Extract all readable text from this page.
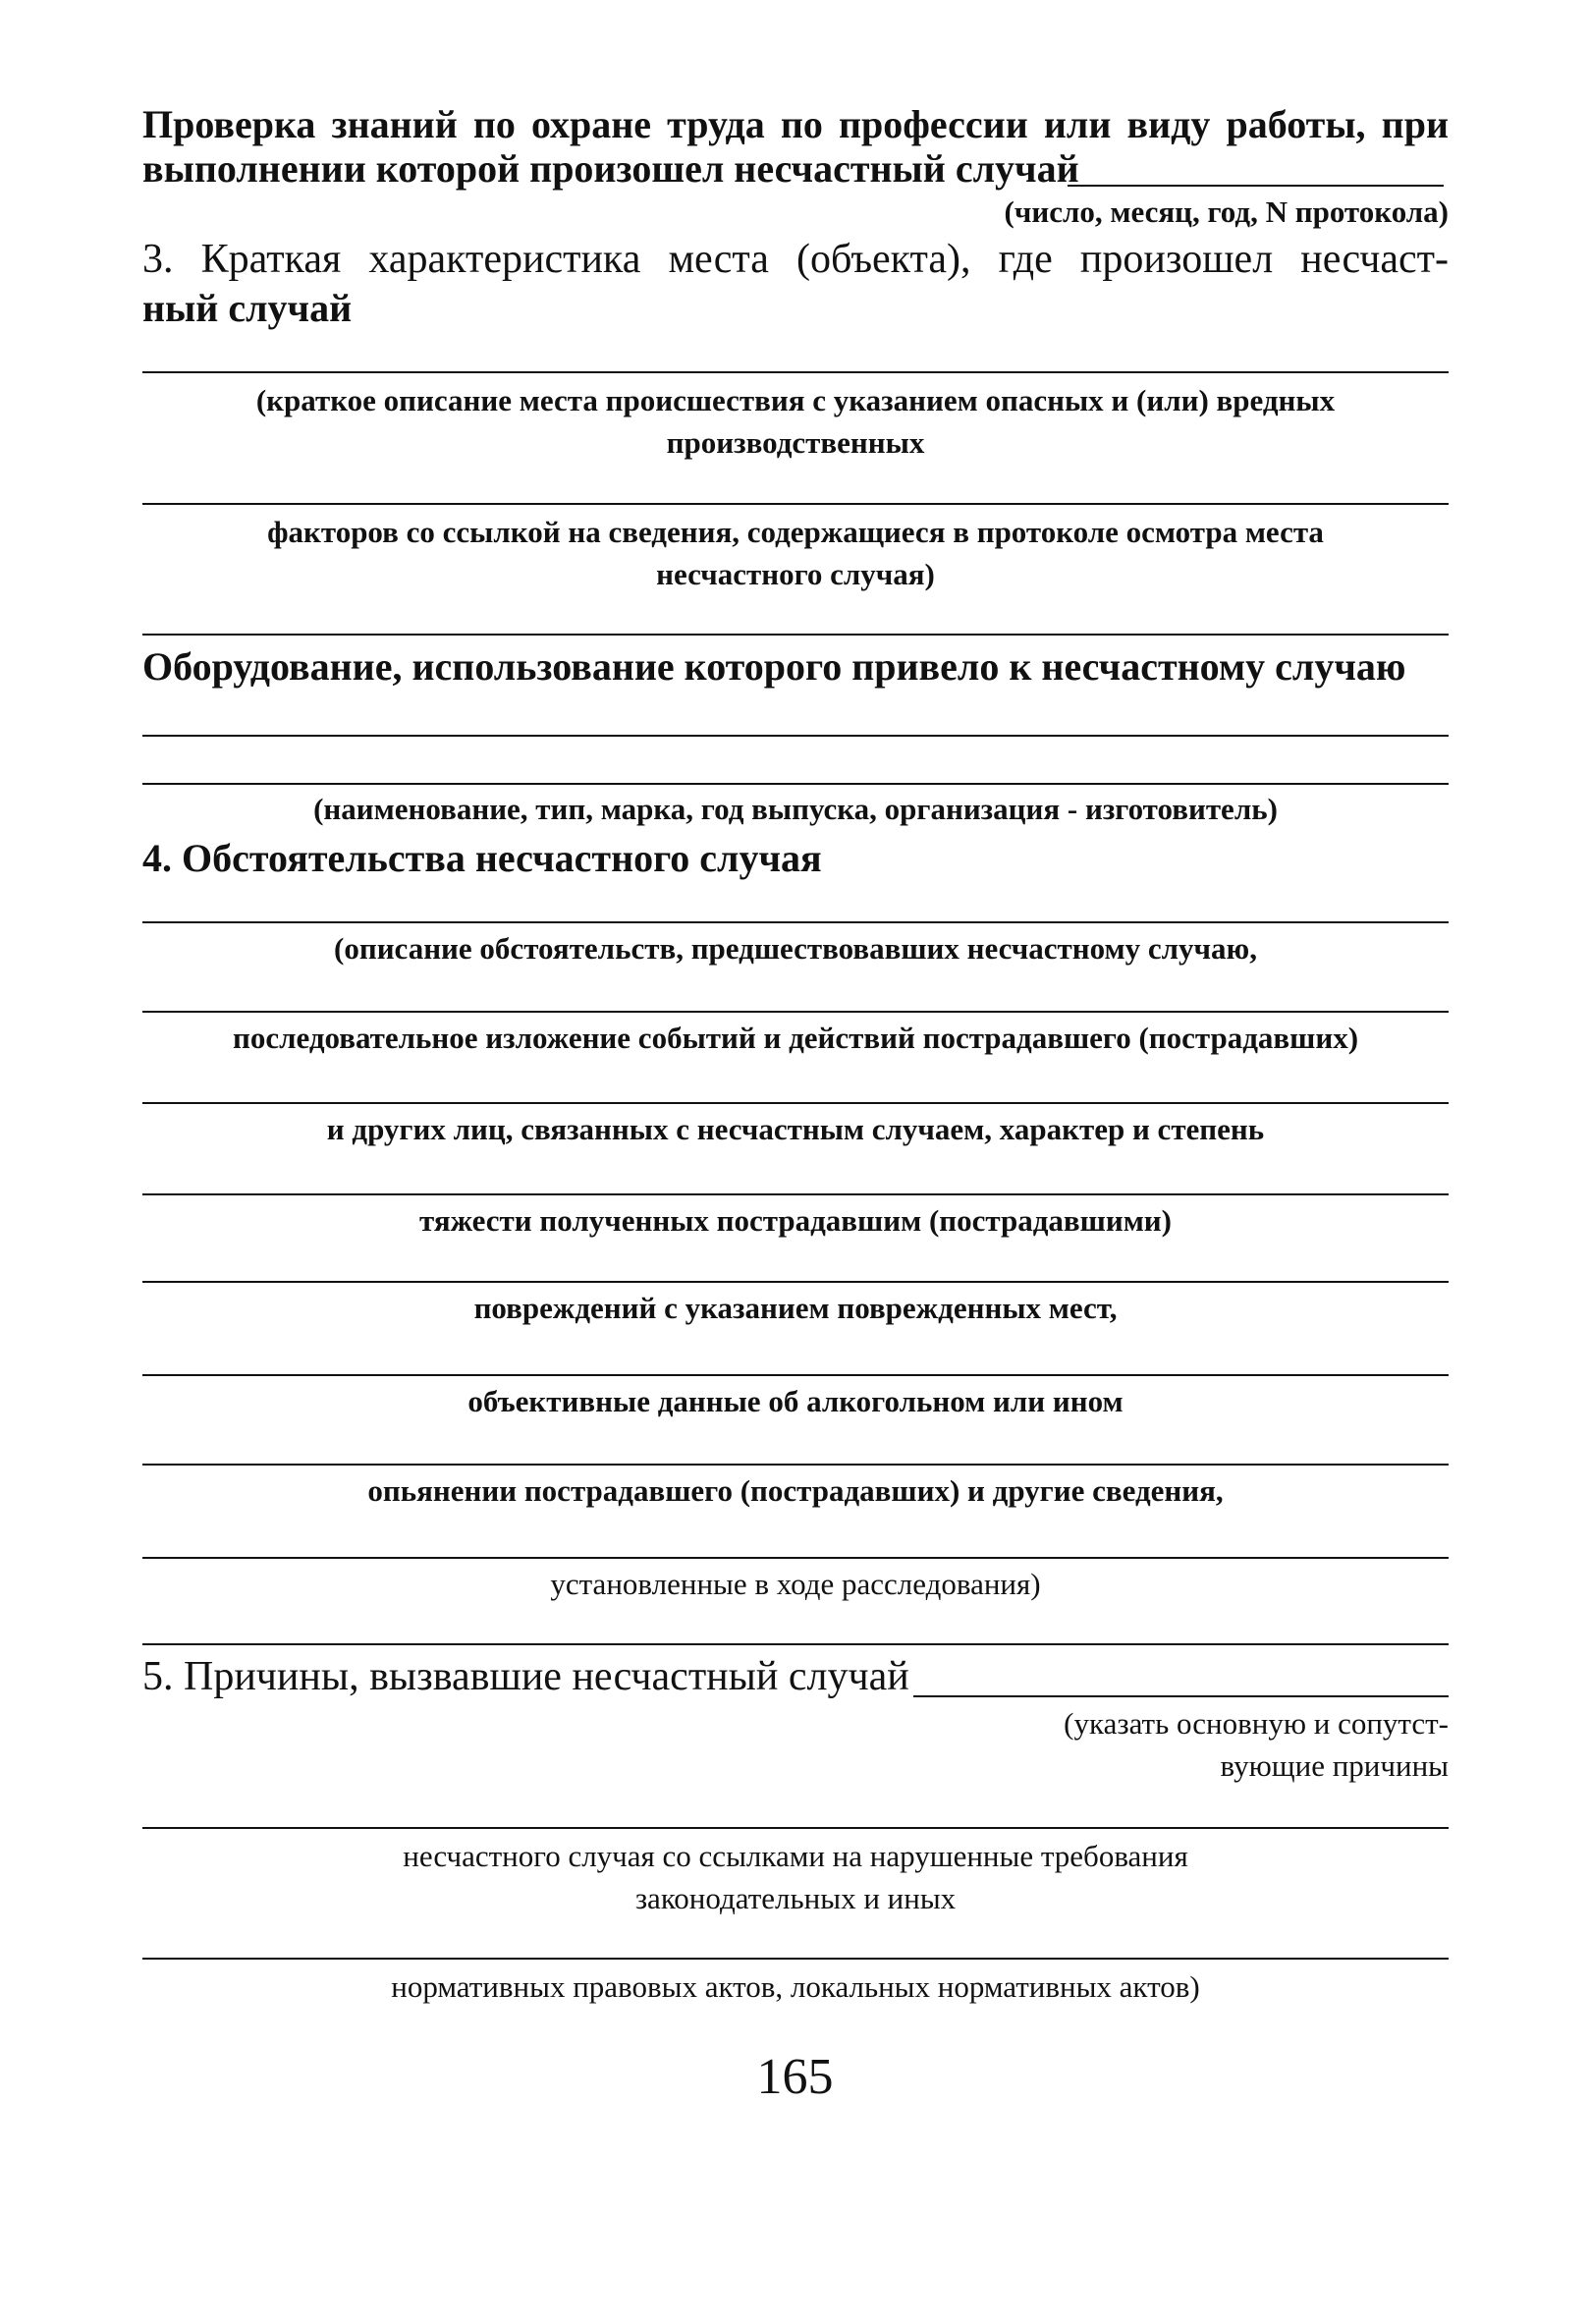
Проверка знаний по охране труда по профессии или виду работы, при
выполнении которой произошел несчастный случай
(число, месяц, год, N протокола)
3. Краткая характеристика места (объекта), где произошел несчаст-
ный случай
(краткое описание места происшествия с указанием опасных и (или) вредных
производственных
факторов со ссылкой на сведения, содержащиеся в протоколе осмотра места
несчастного случая)
Оборудование, использование которого привело к несчастному случаю
(наименование, тип, марка, год выпуска, организация - изготовитель)
4. Обстоятельства несчастного случая
(описание обстоятельств, предшествовавших несчастному случаю,
последовательное изложение событий и действий пострадавшего (пострадавших)
и других лиц, связанных с несчастным случаем, характер и степень
тяжести полученных пострадавшим (пострадавшими)
повреждений с указанием поврежденных мест,
объективные данные об алкогольном или ином
опьянении пострадавшего (пострадавших) и другие сведения,
установленные в ходе расследования)
5. Причины, вызвавшие несчастный случай
(указать основную и сопутст-
вующие причины
несчастного случая со ссылками на нарушенные требования
законодательных и иных
нормативных правовых актов, локальных нормативных актов)
165
